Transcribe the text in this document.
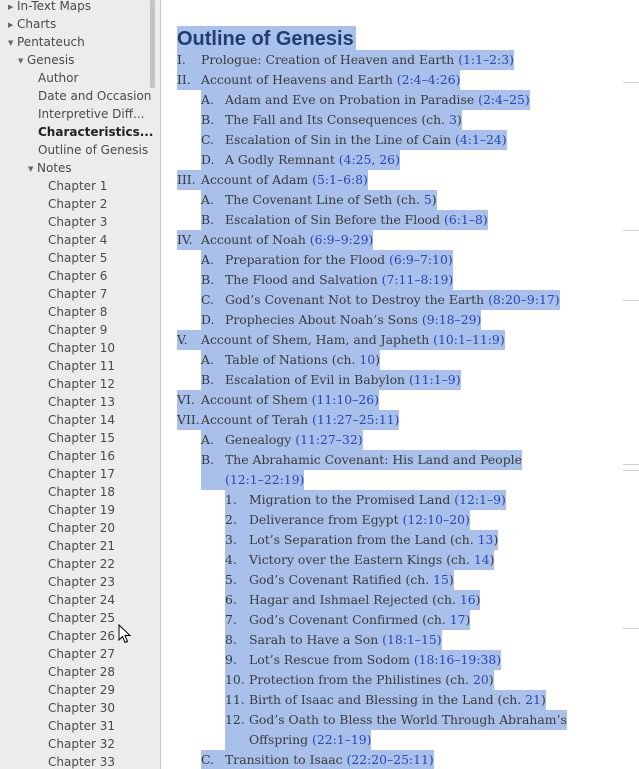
▶ In-Text Maps
▶ Charts
▼ Pentateuch
▼ Genesis
Author
Date and Occasion
Interpretive Diff...
Characteristics...
Outline of Genesis
▼ Notes
Chapter 1
Chapter 2
Chapter 3
Chapter 4
Chapter 5
Chapter 6
Chapter 7
Chapter 8
Chapter 9
Chapter 10
Chapter 11
Chapter 12
Chapter 13
Chapter 14
Chapter 15
Chapter 16
Chapter 17
Chapter 18
Chapter 19
Chapter 20
Chapter 21
Chapter 22
Chapter 23
Chapter 24
Chapter 25
Chapter 26
Chapter 27
Chapter 28
Chapter 29
Chapter 30
Chapter 31
Chapter 32
Chapter 33
Outline of Genesis
I. Prologue: Creation of Heaven and Earth (1:1–2:3)
II. Account of Heavens and Earth (2:4–4:26)
A. Adam and Eve on Probation in Paradise (2:4–25)
B. The Fall and Its Consequences (ch. 3)
C. Escalation of Sin in the Line of Cain (4:1–24)
D. A Godly Remnant (4:25, 26)
III. Account of Adam (5:1–6:8)
A. The Covenant Line of Seth (ch. 5)
B. Escalation of Sin Before the Flood (6:1–8)
IV. Account of Noah (6:9–9:29)
A. Preparation for the Flood (6:9–7:10)
B. The Flood and Salvation (7:11–8:19)
C. God’s Covenant Not to Destroy the Earth (8:20–9:17)
D. Prophecies About Noah’s Sons (9:18–29)
V. Account of Shem, Ham, and Japheth (10:1–11:9)
A. Table of Nations (ch. 10)
B. Escalation of Evil in Babylon (11:1–9)
VI. Account of Shem (11:10–26)
VII.Account of Terah (11:27–25:11)
A. Genealogy (11:27–32)
B. The Abrahamic Covenant: His Land and People
(12:1–22:19)
1. Migration to the Promised Land (12:1–9)
2. Deliverance from Egypt (12:10–20)
3. Lot’s Separation from the Land (ch. 13)
4. Victory over the Eastern Kings (ch. 14)
5. God’s Covenant Ratified (ch. 15)
6. Hagar and Ishmael Rejected (ch. 16)
7. God’s Covenant Confirmed (ch. 17)
8. Sarah to Have a Son (18:1–15)
9. Lot’s Rescue from Sodom (18:16–19:38)
10. Protection from the Philistines (ch. 20)
11. Birth of Isaac and Blessing in the Land (ch. 21)
12. God’s Oath to Bless the World Through Abraham’s
Offspring (22:1–19)
C. Transition to Isaac (22:20–25:11)
